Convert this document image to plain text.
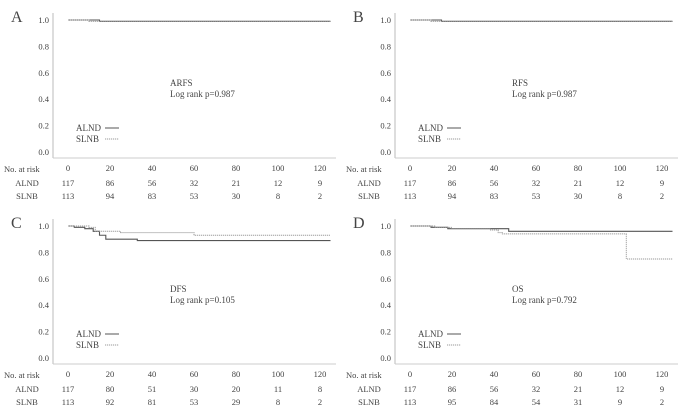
A
0.0
0.2
0.4
0.6
0.8
1.0
ARFS
Log rank p=0.987
ALND
SLNB
No. at risk	0	20	40	60	80	100	120
ALND	117	86	56	32	21	12	9
SLNB	113	94	83	53	30	8	2
B
0.0
0.2
0.4
0.6
0.8
1.0
RFS
Log rank p=0.987
ALND
SLNB
No. at risk	0	20	40	60	80	100	120
ALND	117	86	56	32	21	12	9
SLNB	113	94	83	53	30	8	2
C
0.0
0.2
0.4
0.6
0.8
1.0
DFS
Log rank p=0.105
ALND
SLNB
No. at risk	0	20	40	60	80	100	120
ALND	117	80	51	30	20	11	8
SLNB	113	92	81	53	29	8	2
D
0.0
0.2
0.4
0.6
0.8
1.0
OS
Log rank p=0.792
ALND
SLNB
No. at risk	0	20	40	60	80	100	120
ALND	117	86	56	32	21	12	9
SLNB	113	95	84	54	31	9	2
